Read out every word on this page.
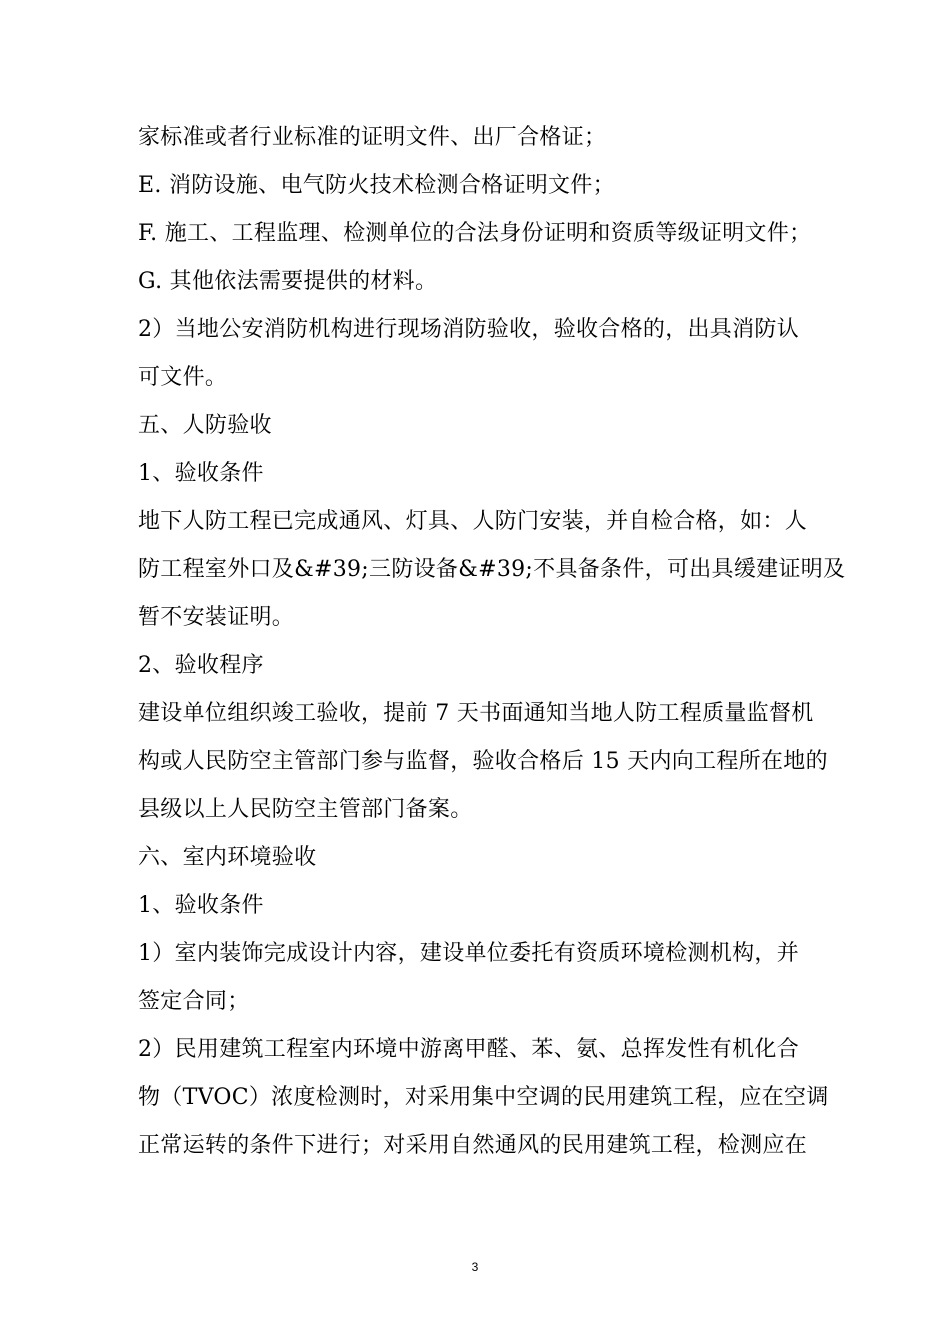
家标准或者行业标准的证明文件、出厂合格证；

E. 消防设施、电气防火技术检测合格证明文件；

F. 施工、工程监理、检测单位的合法身份证明和资质等级证明文件；

G. 其他依法需要提供的材料。

2）当地公安消防机构进行现场消防验收，验收合格的，出具消防认
可文件。

五、人防验收

1、验收条件

地下人防工程已完成通风、灯具、人防门安装，并自检合格，如：人
防工程室外口及&#39;三防设备&#39;不具备条件，可出具缓建证明及
暂不安装证明。

2、验收程序

建设单位组织竣工验收，提前 7 天书面通知当地人防工程质量监督机
构或人民防空主管部门参与监督，验收合格后 15 天内向工程所在地的
县级以上人民防空主管部门备案。

六、室内环境验收

1、验收条件

1）室内装饰完成设计内容，建设单位委托有资质环境检测机构，并
签定合同；

2）民用建筑工程室内环境中游离甲醛、苯、氨、总挥发性有机化合
物（TVOC）浓度检测时，对采用集中空调的民用建筑工程，应在空调
正常运转的条件下进行；对采用自然通风的民用建筑工程，检测应在

3
